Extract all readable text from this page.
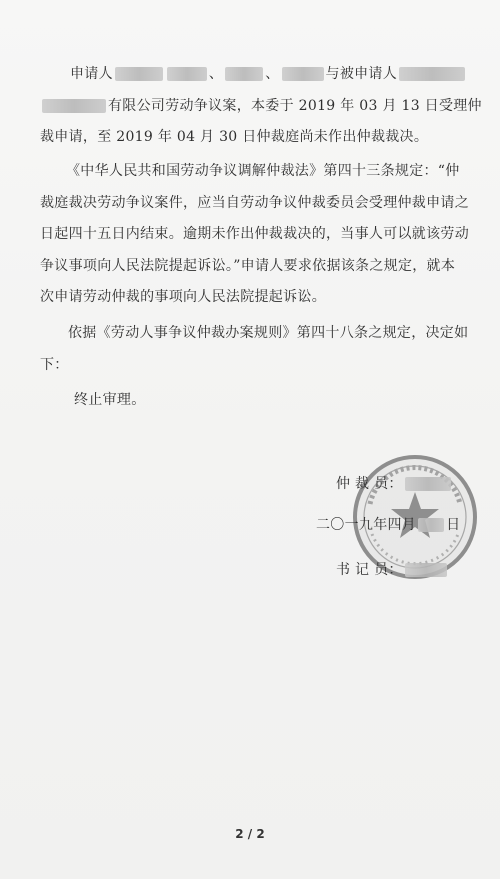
申请人	、	、	与被申请人
有限公司劳动争议案，本委于 2019 年 03 月 13 日受理仲
裁申请，至 2019 年 04 月 30 日仲裁庭尚未作出仲裁裁决。
《中华人民共和国劳动争议调解仲裁法》第四十三条规定：“仲
裁庭裁决劳动争议案件，应当自劳动争议仲裁委员会受理仲裁申请之
日起四十五日内结束。逾期未作出仲裁裁决的，当事人可以就该劳动
争议事项向人民法院提起诉讼。”申请人要求依据该条之规定，就本
次申请劳动仲裁的事项向人民法院提起诉讼。
依据《劳动人事争议仲裁办案规则》第四十八条之规定，决定如
下：
终止审理。
仲 裁 员：
二〇一九年四月 日
书 记 员：
2 / 2
